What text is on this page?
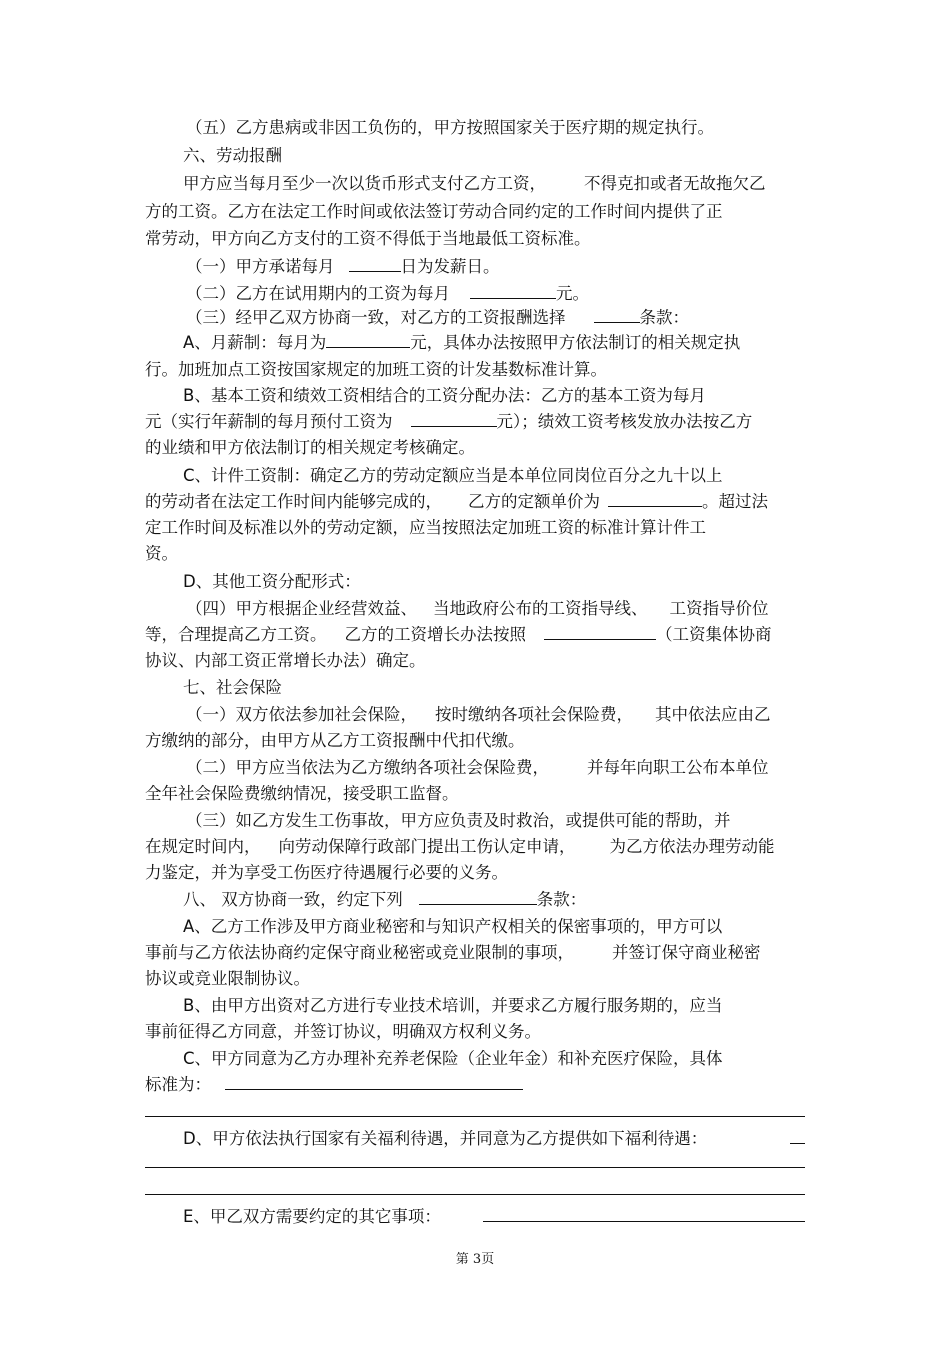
（五）乙方患病或非因工负伤的，甲方按照国家关于医疗期的规定执行。
六、劳动报酬
甲方应当每月至少一次以货币形式支付乙方工资， 不得克扣或者无故拖欠乙
方的工资。乙方在法定工作时间或依法签订劳动合同约定的工作时间内提供了正
常劳动，甲方向乙方支付的工资不得低于当地最低工资标准。
（一）甲方承诺每月	日为发薪日。
（二）乙方在试用期内的工资为每月	元。
（三）经甲乙双方协商一致，对乙方的工资报酬选择	条款：
A、月薪制：每月为	元，具体办法按照甲方依法制订的相关规定执
行。加班加点工资按国家规定的加班工资的计发基数标准计算。
B、基本工资和绩效工资相结合的工资分配办法：乙方的基本工资为每月
元（实行年薪制的每月预付工资为	元）；绩效工资考核发放办法按乙方
的业绩和甲方依法制订的相关规定考核确定。
C、计件工资制：确定乙方的劳动定额应当是本单位同岗位百分之九十以上
的劳动者在法定工作时间内能够完成的， 乙方的定额单价为	。超过法
定工作时间及标准以外的劳动定额，应当按照法定加班工资的标准计算计件工
资。
D、其他工资分配形式：
（四）甲方根据企业经营效益、 当地政府公布的工资指导线、 工资指导价位
等，合理提高乙方工资。 乙方的工资增长办法按照	（工资集体协商
协议、内部工资正常增长办法）确定。
七、社会保险
（一）双方依法参加社会保险， 按时缴纳各项社会保险费， 其中依法应由乙
方缴纳的部分，由甲方从乙方工资报酬中代扣代缴。
（二）甲方应当依法为乙方缴纳各项社会保险费， 并每年向职工公布本单位
全年社会保险费缴纳情况，接受职工监督。
（三）如乙方发生工伤事故，甲方应负责及时救治，或提供可能的帮助，并
在规定时间内， 向劳动保障行政部门提出工伤认定申请， 为乙方依法办理劳动能
力鉴定，并为享受工伤医疗待遇履行必要的义务。
八、 双方协商一致，约定下列	条款：
A、乙方工作涉及甲方商业秘密和与知识产权相关的保密事项的，甲方可以
事前与乙方依法协商约定保守商业秘密或竞业限制的事项， 并签订保守商业秘密
协议或竞业限制协议。
B、由甲方出资对乙方进行专业技术培训，并要求乙方履行服务期的，应当
事前征得乙方同意，并签订协议，明确双方权利义务。
C、甲方同意为乙方办理补充养老保险（企业年金）和补充医疗保险，具体
标准为：
D、甲方依法执行国家有关福利待遇，并同意为乙方提供如下福利待遇：
E、甲乙双方需要约定的其它事项：
第 3页
